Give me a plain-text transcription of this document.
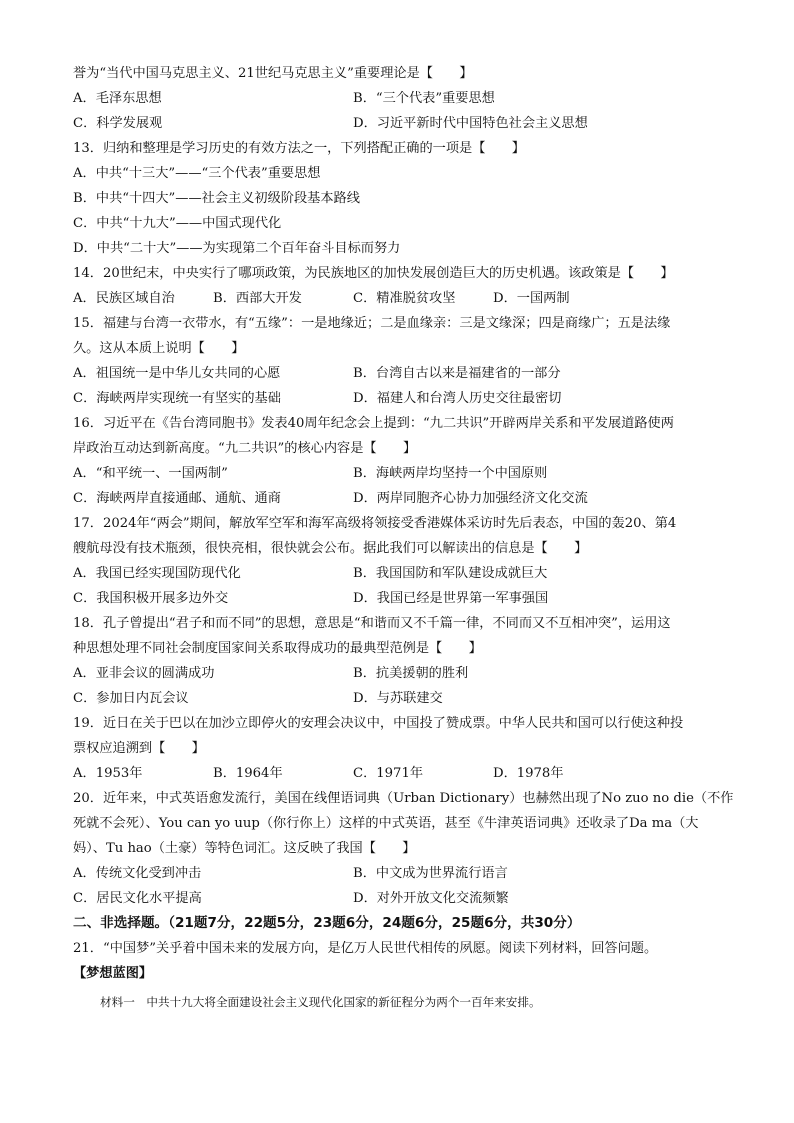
誉为“当代中国马克思主义、21世纪马克思主义”重要理论是【　　】
A．毛泽东思想	B．“三个代表”重要思想
C．科学发展观	D．习近平新时代中国特色社会主义思想
13．归纳和整理是学习历史的有效方法之一，下列搭配正确的一项是【　　】
A．中共“十三大”——“三个代表”重要思想
B．中共“十四大”——社会主义初级阶段基本路线
C．中共“十九大”——中国式现代化
D．中共“二十大”——为实现第二个百年奋斗目标而努力
14．20世纪末，中央实行了哪项政策，为民族地区的加快发展创造巨大的历史机遇。该政策是【　　】
A．民族区域自治	B．西部大开发	C．精准脱贫攻坚	D．一国两制
15．福建与台湾一衣带水，有“五缘”：一是地缘近；二是血缘亲：三是文缘深；四是商缘广；五是法缘
久。这从本质上说明【　　】
A．祖国统一是中华儿女共同的心愿	B．台湾自古以来是福建省的一部分
C．海峡两岸实现统一有坚实的基础	D．福建人和台湾人历史交往最密切
16．习近平在《告台湾同胞书》发表40周年纪念会上提到：“九二共识”开辟两岸关系和平发展道路使两
岸政治互动达到新高度。“九二共识”的核心内容是【　　】
A．“和平统一、一国两制”	B．海峡两岸均坚持一个中国原则
C．海峡两岸直接通邮、通航、通商	D．两岸同胞齐心协力加强经济文化交流
17．2024年“两会”期间，解放军空军和海军高级将领接受香港媒体采访时先后表态，中国的轰20、第4
艘航母没有技术瓶颈，很快亮相，很快就会公布。据此我们可以解读出的信息是【　　】
A．我国已经实现国防现代化	B．我国国防和军队建设成就巨大
C．我国积极开展多边外交	D．我国已经是世界第一军事强国
18．孔子曾提出“君子和而不同”的思想，意思是“和谐而又不千篇一律，不同而又不互相冲突”，运用这
种思想处理不同社会制度国家间关系取得成功的最典型范例是【　　】
A．亚非会议的圆满成功	B．抗美援朝的胜利
C．参加日内瓦会议	D．与苏联建交
19．近日在关于巴以在加沙立即停火的安理会决议中，中国投了赞成票。中华人民共和国可以行使这种投
票权应追溯到【　　】
A．1953年	B．1964年	C．1971年	D．1978年
20．近年来，中式英语愈发流行，美国在线俚语词典（Urban Dictionary）也赫然出现了No zuo no die（不作
死就不会死）、You can yo uup（你行你上）这样的中式英语，甚至《牛津英语词典》还收录了Da ma（大
妈）、Tu hao（土豪）等特色词汇。这反映了我国【　　】
A．传统文化受到冲击	B．中文成为世界流行语言
C．居民文化水平提高	D．对外开放文化交流频繁
二、非选择题。（21题7分，22题5分，23题6分，24题6分，25题6分，共30分）
21．“中国梦”关乎着中国未来的发展方向，是亿万人民世代相传的夙愿。阅读下列材料，回答问题。
【梦想蓝图】
材料一　中共十九大将全面建设社会主义现代化国家的新征程分为两个一百年来安排。
